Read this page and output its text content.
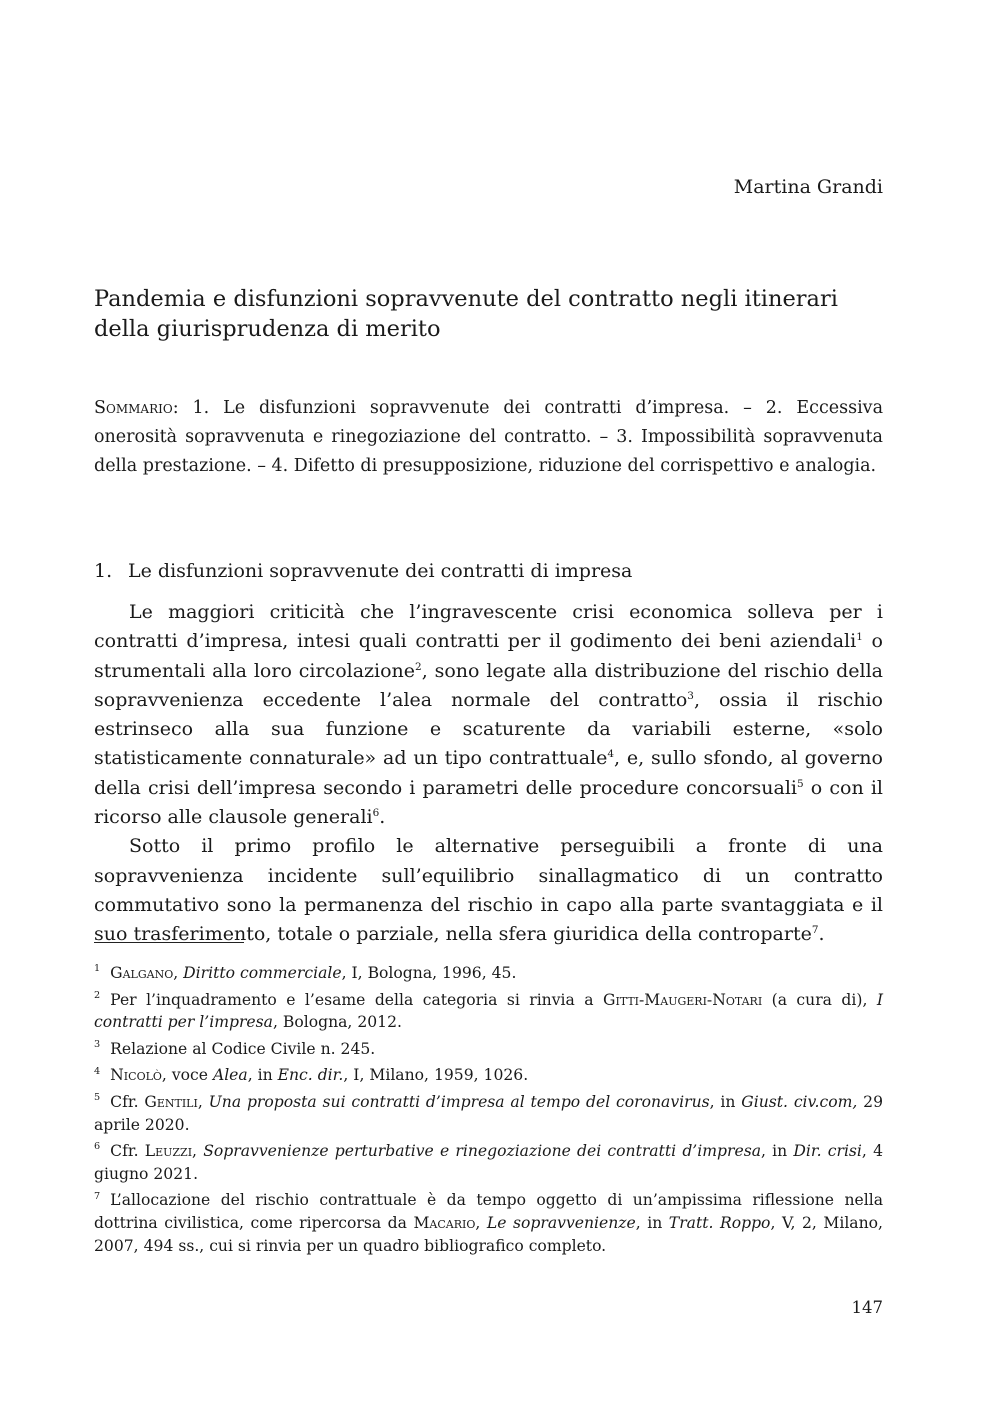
Martina Grandi
Pandemia e disfunzioni sopravvenute del contratto negli itinerari della giurisprudenza di merito

Sommario: 1. Le disfunzioni sopravvenute dei contratti d’impresa. – 2. Eccessiva onerosità sopravvenuta e rinegoziazione del contratto. – 3. Impossibilità sopravvenuta della prestazione. – 4. Difetto di presupposizione, riduzione del corrispettivo e analogia.

1. Le disfunzioni sopravvenute dei contratti di impresa

Le maggiori criticità che l’ingravescente crisi economica solleva per i contratti d’impresa, intesi quali contratti per il godimento dei beni aziendali$^1$ o strumentali alla loro circolazione$^2$, sono legate alla distribuzione del rischio della sopravvenienza eccedente l’alea normale del contratto$^3$, ossia il rischio estrinseco alla sua funzione e scaturente da variabili esterne, «solo statisticamente connaturale» ad un tipo contrattuale$^4$, e, sullo sfondo, al governo della crisi dell’impresa secondo i parametri delle procedure concorsuali$^5$ o con il ricorso alle clausole generali$^6$.

Sotto il primo profilo le alternative perseguibili a fronte di una sopravvenienza incidente sull’equilibrio sinallagmatico di un contratto commutativo sono la permanenza del rischio in capo alla parte svantaggiata e il suo trasferimento, totale o parziale, nella sfera giuridica della controparte$^7$.

$^1$ Galgano, Diritto commerciale, I, Bologna, 1996, 45.

$^2$ Per l’inquadramento e l’esame della categoria si rinvia a Gitti-Maugeri-Notari (a cura di), I contratti per l’impresa, Bologna, 2012.

$^3$ Relazione al Codice Civile n. 245.

$^4$ Nicolò, voce Alea, in Enc. dir., I, Milano, 1959, 1026.

$^5$ Cfr. Gentili, Una proposta sui contratti d’impresa al tempo del coronavirus, in Giust. civ.com, 29 aprile 2020.

$^6$ Cfr. Leuzzi, Sopravvenienze perturbative e rinegoziazione dei contratti d’impresa, in Dir. crisi, 4 giugno 2021.

$^7$ L’allocazione del rischio contrattuale è da tempo oggetto di un’ampissima riflessione nella dottrina civilistica, come ripercorsa da Macario, Le sopravvenienze, in Tratt. Roppo, V, 2, Milano, 2007, 494 ss., cui si rinvia per un quadro bibliografico completo.

147
